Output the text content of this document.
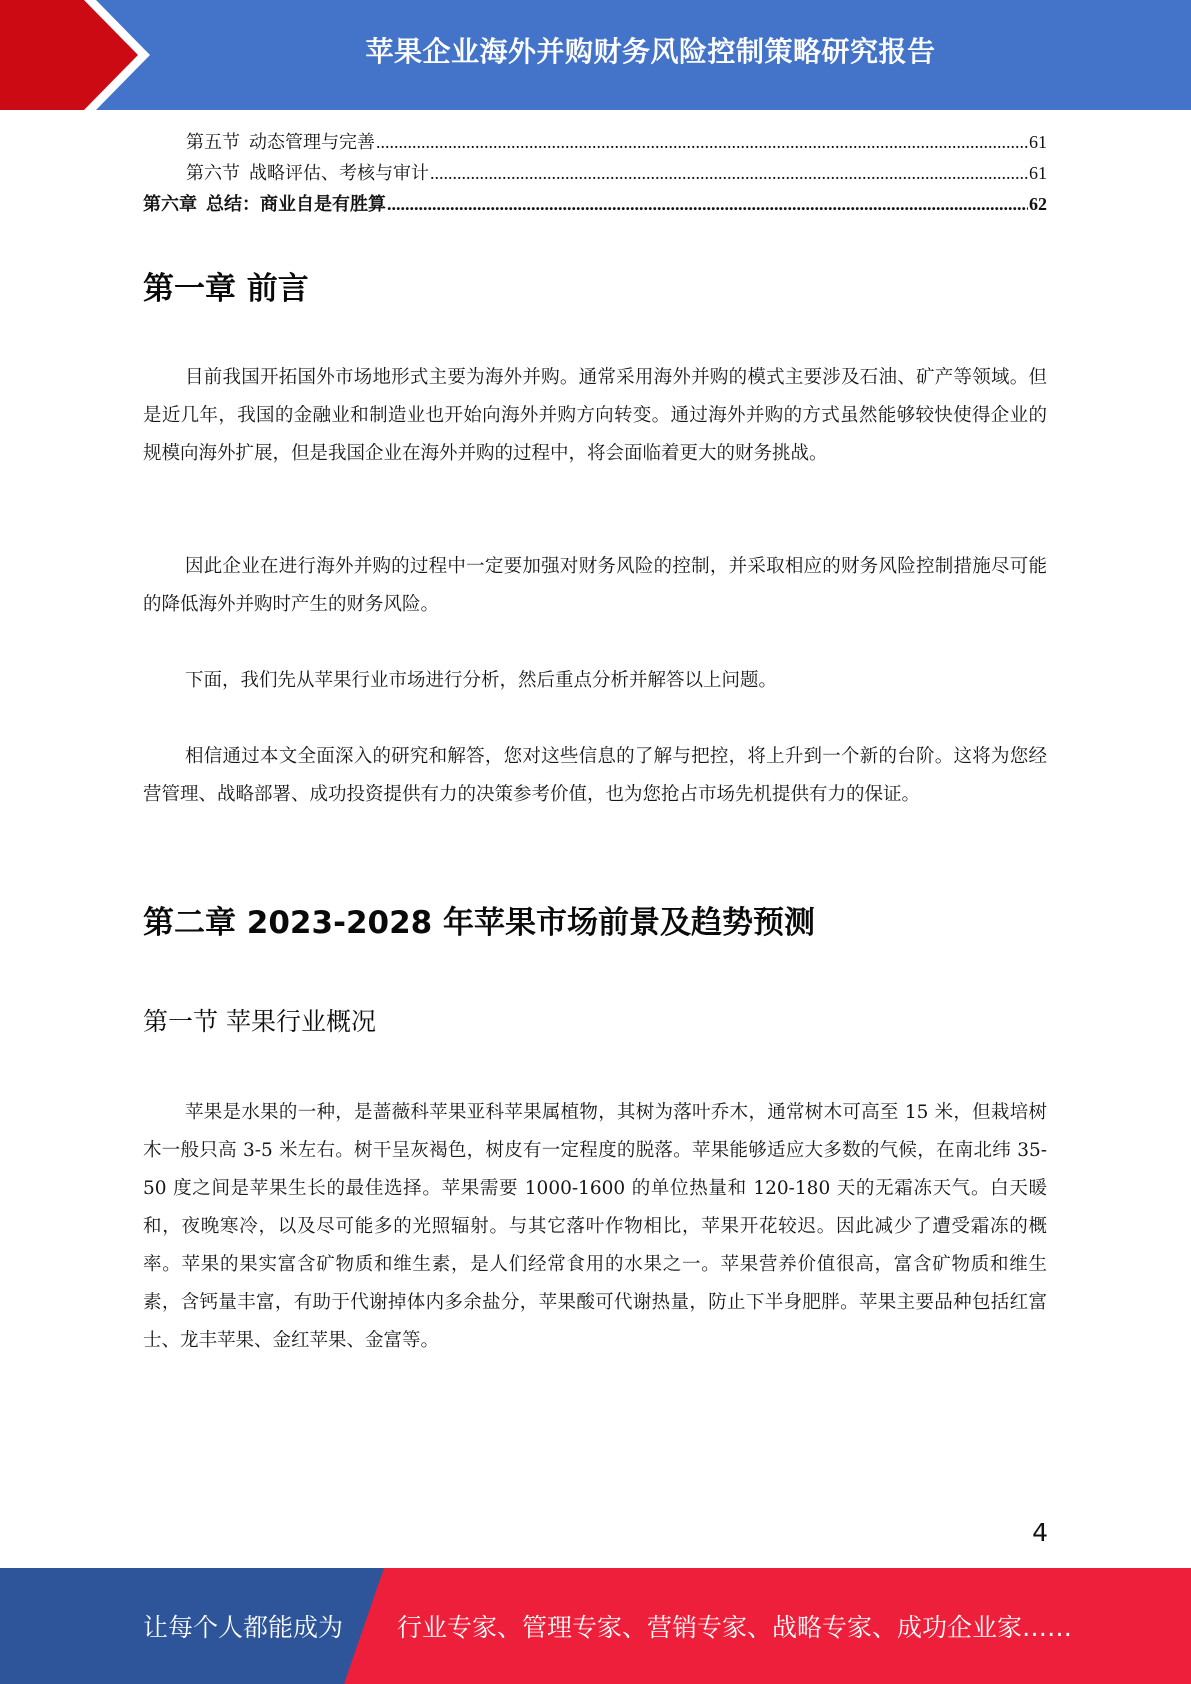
苹果企业海外并购财务风险控制策略研究报告
第五节  动态管理与完善 .....	61
第六节  战略评估、考核与审计 .....	61
第六章  总结：商业自是有胜算 .....	62
第一章 前言

目前我国开拓国外市场地形式主要为海外并购。通常采用海外并购的模式主要涉及石油、矿产等领域。但是近几年，我国的金融业和制造业也开始向海外并购方向转变。通过海外并购的方式虽然能够较快使得企业的规模向海外扩展，但是我国企业在海外并购的过程中，将会面临着更大的财务挑战。

因此企业在进行海外并购的过程中一定要加强对财务风险的控制，并采取相应的财务风险控制措施尽可能的降低海外并购时产生的财务风险。

下面，我们先从苹果行业市场进行分析，然后重点分析并解答以上问题。

相信通过本文全面深入的研究和解答，您对这些信息的了解与把控，将上升到一个新的台阶。这将为您经营管理、战略部署、成功投资提供有力的决策参考价值，也为您抢占市场先机提供有力的保证。

第二章 2023-2028 年苹果市场前景及趋势预测
第一节 苹果行业概况

苹果是水果的一种，是蔷薇科苹果亚科苹果属植物，其树为落叶乔木，通常树木可高至 15 米，但栽培树木一般只高 3-5 米左右。树干呈灰褐色，树皮有一定程度的脱落。苹果能够适应大多数的气候，在南北纬 35-50 度之间是苹果生长的最佳选择。苹果需要 1000-1600 的单位热量和 120-180 天的无霜冻天气。白天暖和，夜晚寒冷，以及尽可能多的光照辐射。与其它落叶作物相比，苹果开花较迟。因此减少了遭受霜冻的概率。苹果的果实富含矿物质和维生素，是人们经常食用的水果之一。苹果营养价值很高，富含矿物质和维生素，含钙量丰富，有助于代谢掉体内多余盐分，苹果酸可代谢热量，防止下半身肥胖。苹果主要品种包括红富士、龙丰苹果、金红苹果、金富等。

4
让每个人都能成为 行业专家、管理专家、营销专家、战略专家、成功企业家……
